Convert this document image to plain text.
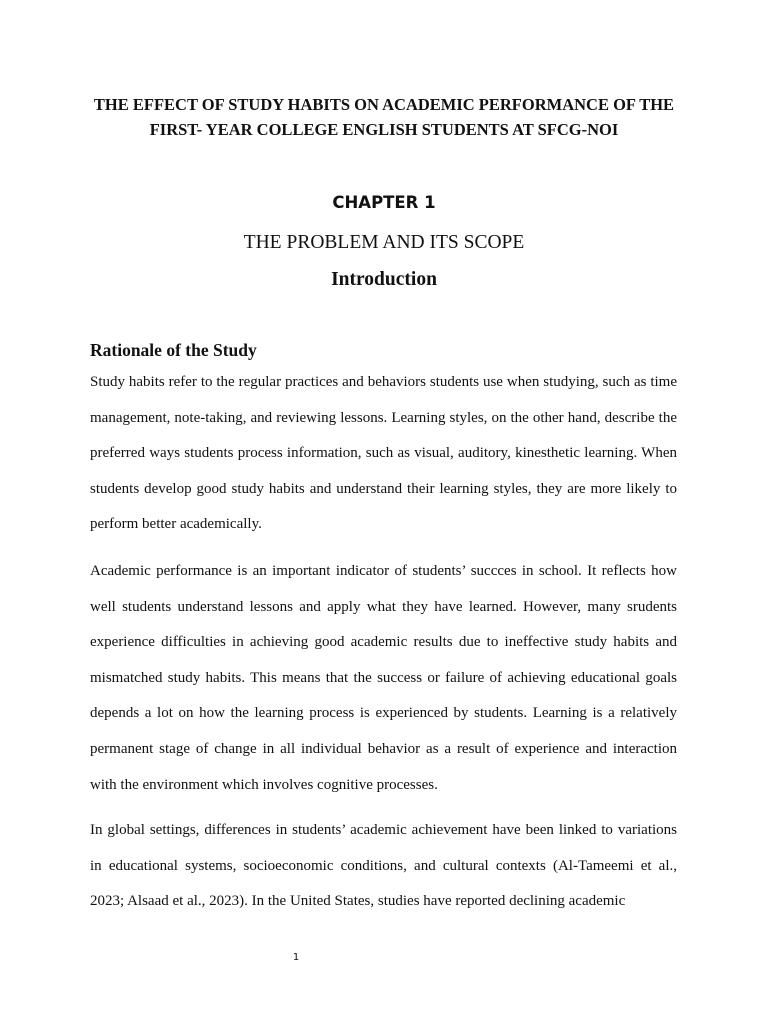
THE EFFECT OF STUDY HABITS ON ACADEMIC PERFORMANCE OF THE FIRST- YEAR COLLEGE ENGLISH STUDENTS AT SFCG-NOI

CHAPTER 1

THE PROBLEM AND ITS SCOPE

Introduction

Rationale of the Study

Study habits refer to the regular practices and behaviors students use when studying, such as time management, note-taking, and reviewing lessons. Learning styles, on the other hand, describe the preferred ways students process information, such as visual, auditory, kinesthetic learning. When students develop good study habits and understand their learning styles, they are more likely to perform better academically.

Academic performance is an important indicator of students’ succces in school. It reflects how well students understand lessons and apply what they have learned. However, many srudents experience difficulties in achieving good academic results due to ineffective study habits and mismatched study habits. This means that the success or failure of achieving educational goals depends a lot on how the learning process is experienced by students. Learning is a relatively permanent stage of change in all individual behavior as a result of experience and interaction with the environment which involves cognitive processes.

In global settings, differences in students’ academic achievement have been linked to variations in educational systems, socioeconomic conditions, and cultural contexts (Al-Tameemi et al., 2023; Alsaad et al., 2023). In the United States, studies have reported declining academic

1
